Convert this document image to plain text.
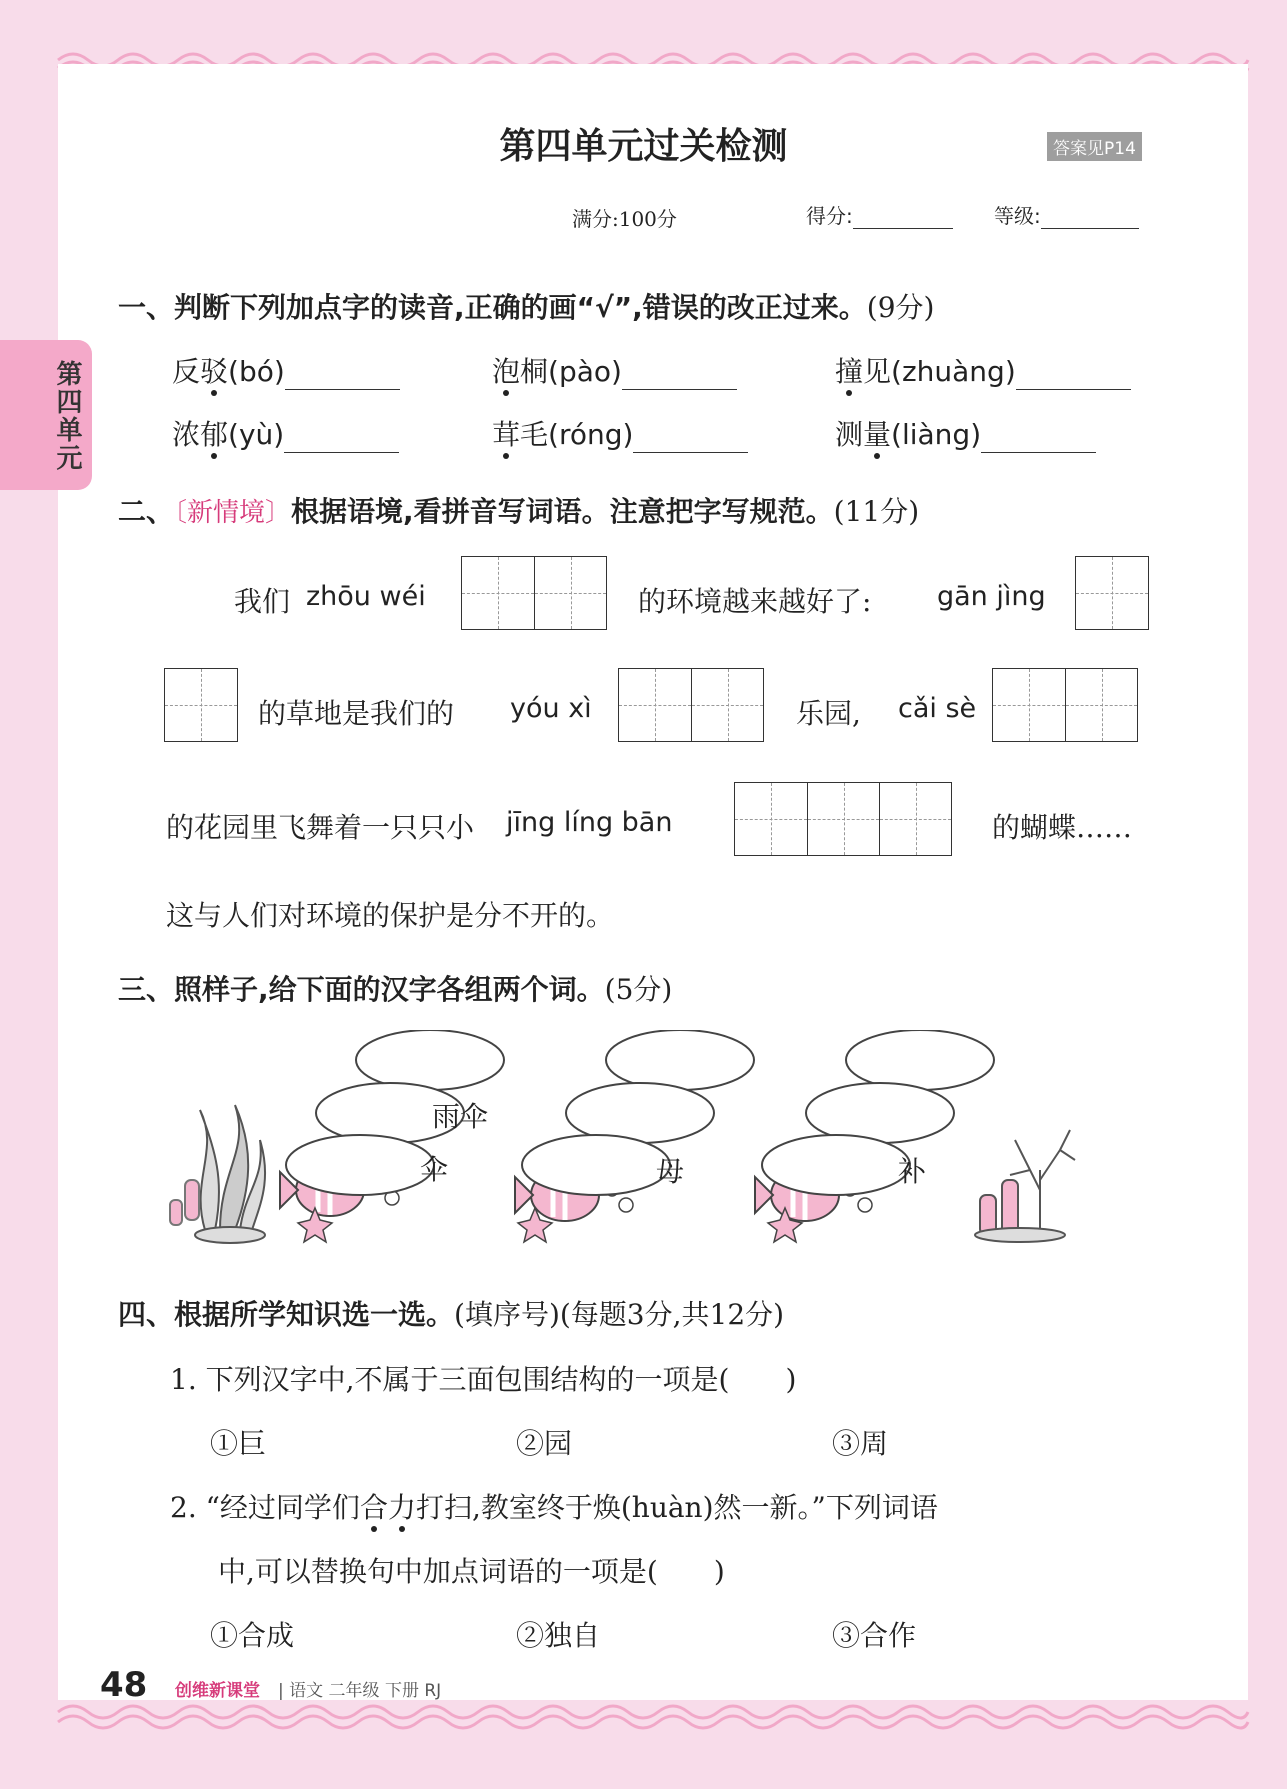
第四单元
第四单元过关检测	答案见P14
满分:100分	得分:	等级:
一、判断下列加点字的读音,正确的画“√”,错误的改正过来。(9分)
反驳(bó)	泡桐(pào)	撞见(zhuàng)
浓郁(yù)	茸毛(róng)	测量(liàng)
二、〔新情境〕根据语境,看拼音写词语。注意把字写规范。(11分)
我们 zhōu wéi	的环境越来越好了: gān jìng
的草地是我们的 yóu xì	乐园, cǎi sè
的花园里飞舞着一只只小 jīng líng bān	的蝴蝶……
这与人们对环境的保护是分不开的。
三、照样子,给下面的汉字各组两个词。(5分)
雨伞
伞	母	补
四、根据所学知识选一选。(填序号)(每题3分,共12分)
1. 下列汉字中,不属于三面包围结构的一项是(　　)
①巨	②园	③周
2. “经过同学们合力打扫,教室终于焕(huàn)然一新。”下列词语
中,可以替换句中加点词语的一项是(　　)
①合成	②独自	③合作
48 创维新课堂 | 语文 二年级 下册 RJ
